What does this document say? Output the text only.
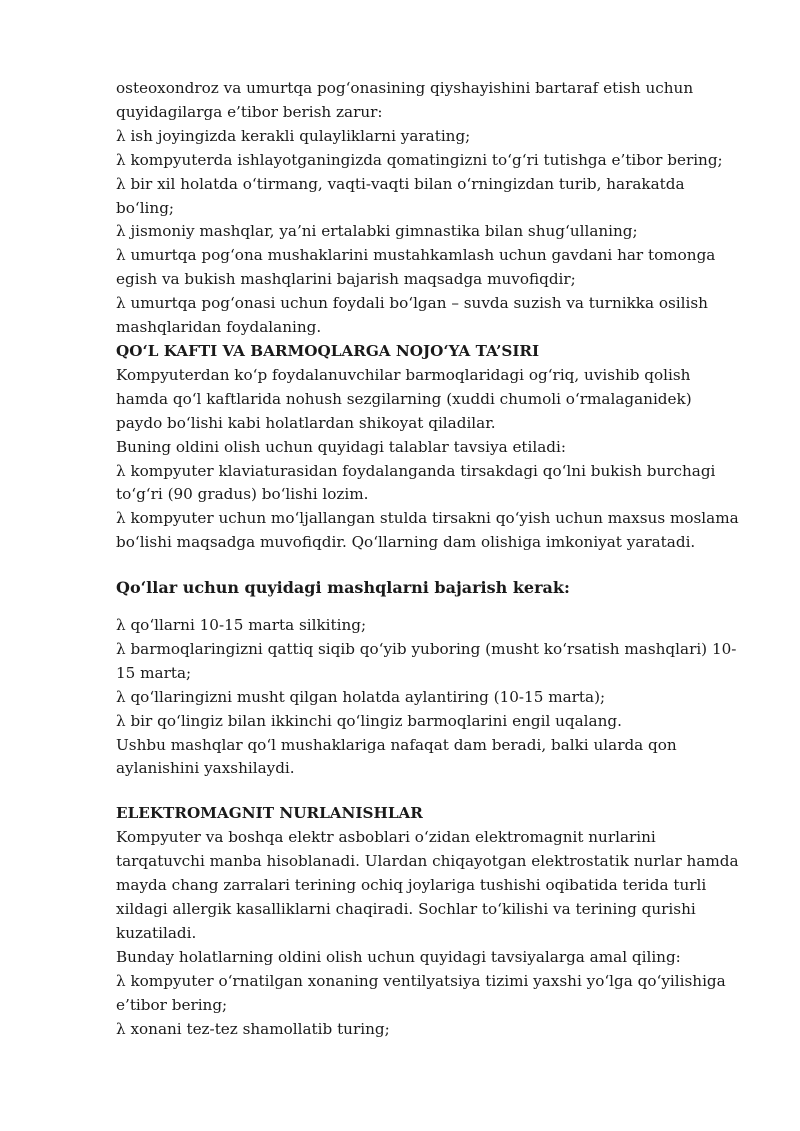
osteoxondroz va umurtqa pog‘onasining qiyshayishini bartaraf etish uchun
quyidagilarga e’tibor berish zarur:
λ ish joyingizda kerakli qulayliklarni yarating;
λ kompyuterda ishlayotganingizda qomatingizni to‘g‘ri tutishga e’tibor bering;
λ bir xil holatda o‘tirmang, vaqti-vaqti bilan o‘rningizdan turib, harakatda
bo‘ling;
λ jismoniy mashqlar, ya’ni ertalabki gimnastika bilan shug‘ullaning;
λ umurtqa pog‘ona mushaklarini mustahkamlash uchun gavdani har tomonga
egish va bukish mashqlarini bajarish maqsadga muvofiqdir;
λ umurtqa pog‘onasi uchun foydali bo‘lgan – suvda suzish va turnikka osilish
mashqlaridan foydalaning.
QO‘L KAFTI VA BARMOQLARGA NOJO‘YA TA’SIRI
Kompyuterdan ko‘p foydalanuvchilar barmoqlaridagi og‘riq, uvishib qolish
hamda qo‘l kaftlarida nohush sezgilarning (xuddi chumoli o‘rmalaganidek)
paydo bo‘lishi kabi holatlardan shikoyat qiladilar.
Buning oldini olish uchun quyidagi talablar tavsiya etiladi:
λ kompyuter klaviaturasidan foydalanganda tirsakdagi qo‘lni bukish burchagi
to‘g‘ri (90 gradus) bo‘lishi lozim.
λ kompyuter uchun mo‘ljallangan stulda tirsakni qo‘yish uchun maxsus moslama
bo‘lishi maqsadga muvofiqdir. Qo‘llarning dam olishiga imkoniyat yaratadi.
Qo‘llar uchun quyidagi mashqlarni bajarish kerak:
λ qo‘llarni 10-15 marta silkiting;
λ barmoqlaringizni qattiq siqib qo‘yib yuboring (musht ko‘rsatish mashqlari) 10-
15 marta;
λ qo‘llaringizni musht qilgan holatda aylantiring (10-15 marta);
λ bir qo‘lingiz bilan ikkinchi qo‘lingiz barmoqlarini engil uqalang.
Ushbu mashqlar qo‘l mushaklariga nafaqat dam beradi, balki ularda qon
aylanishini yaxshilaydi.
ELEKTROMAGNIT NURLANISHLAR
Kompyuter va boshqa elektr asboblari o‘zidan elektromagnit nurlarini
tarqatuvchi manba hisoblanadi. Ulardan chiqayotgan elektrostatik nurlar hamda
mayda chang zarralari terining ochiq joylariga tushishi oqibatida terida turli
xildagi allergik kasalliklarni chaqiradi. Sochlar to‘kilishi va terining qurishi
kuzatiladi.
Bunday holatlarning oldini olish uchun quyidagi tavsiyalarga amal qiling:
λ kompyuter o‘rnatilgan xonaning ventilyatsiya tizimi yaxshi yo‘lga qo‘yilishiga
e’tibor bering;
λ xonani tez-tez shamollatib turing;
